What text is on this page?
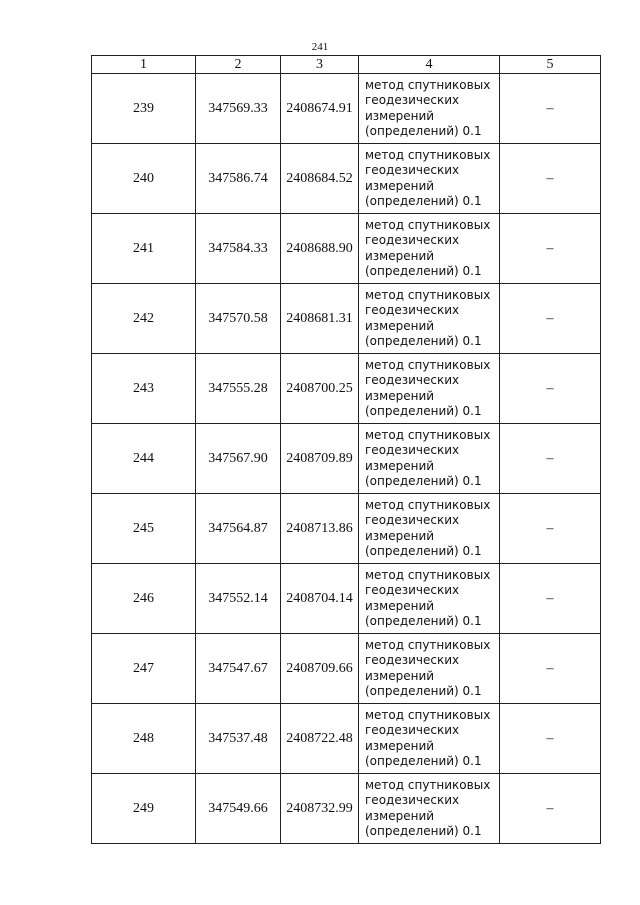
241
1	2	3	4	5
239	347569.33	2408674.91	метод спутниковых геодезических измерений (определений) 0.1	–
240	347586.74	2408684.52	метод спутниковых геодезических измерений (определений) 0.1	–
241	347584.33	2408688.90	метод спутниковых геодезических измерений (определений) 0.1	–
242	347570.58	2408681.31	метод спутниковых геодезических измерений (определений) 0.1	–
243	347555.28	2408700.25	метод спутниковых геодезических измерений (определений) 0.1	–
244	347567.90	2408709.89	метод спутниковых геодезических измерений (определений) 0.1	–
245	347564.87	2408713.86	метод спутниковых геодезических измерений (определений) 0.1	–
246	347552.14	2408704.14	метод спутниковых геодезических измерений (определений) 0.1	–
247	347547.67	2408709.66	метод спутниковых геодезических измерений (определений) 0.1	–
248	347537.48	2408722.48	метод спутниковых геодезических измерений (определений) 0.1	–
249	347549.66	2408732.99	метод спутниковых геодезических измерений (определений) 0.1	–
